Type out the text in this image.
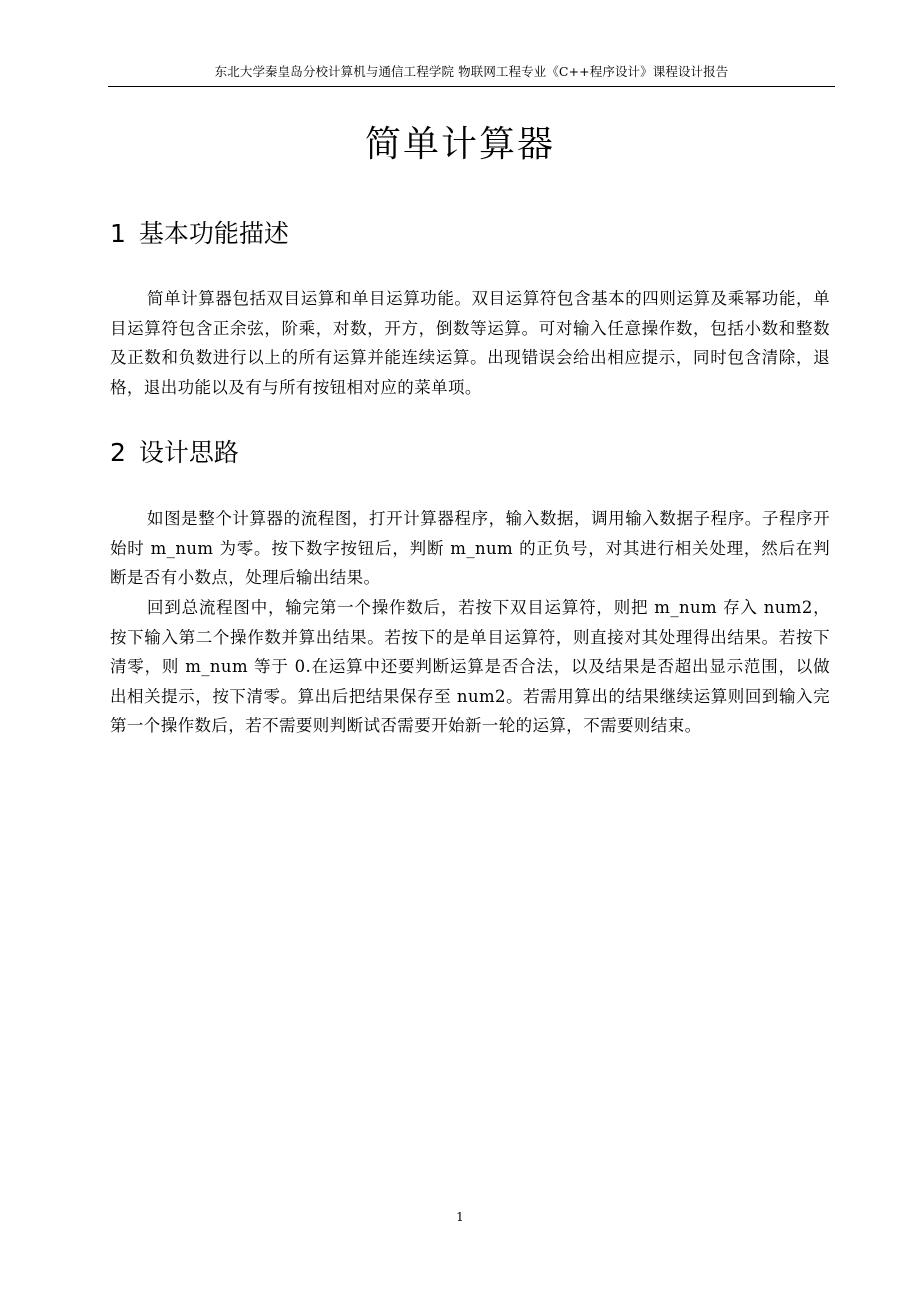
东北大学秦皇岛分校计算机与通信工程学院 物联网工程专业《C++程序设计》课程设计报告
简单计算器
1 基本功能描述

简单计算器包括双目运算和单目运算功能。双目运算符包含基本的四则运算及乘幂功能，单目运算符包含正余弦，阶乘，对数，开方，倒数等运算。可对输入任意操作数，包括小数和整数及正数和负数进行以上的所有运算并能连续运算。出现错误会给出相应提示，同时包含清除，退格，退出功能以及有与所有按钮相对应的菜单项。

2 设计思路

如图是整个计算器的流程图，打开计算器程序，输入数据，调用输入数据子程序。子程序开始时 m_num 为零。按下数字按钮后，判断 m_num 的正负号，对其进行相关处理，然后在判断是否有小数点，处理后输出结果。

回到总流程图中，输完第一个操作数后，若按下双目运算符，则把 m_num 存入 num2，按下输入第二个操作数并算出结果。若按下的是单目运算符，则直接对其处理得出结果。若按下清零，则 m_num 等于 0.在运算中还要判断运算是否合法，以及结果是否超出显示范围，以做出相关提示，按下清零。算出后把结果保存至 num2。若需用算出的结果继续运算则回到输入完第一个操作数后，若不需要则判断试否需要开始新一轮的运算，不需要则结束。

1
